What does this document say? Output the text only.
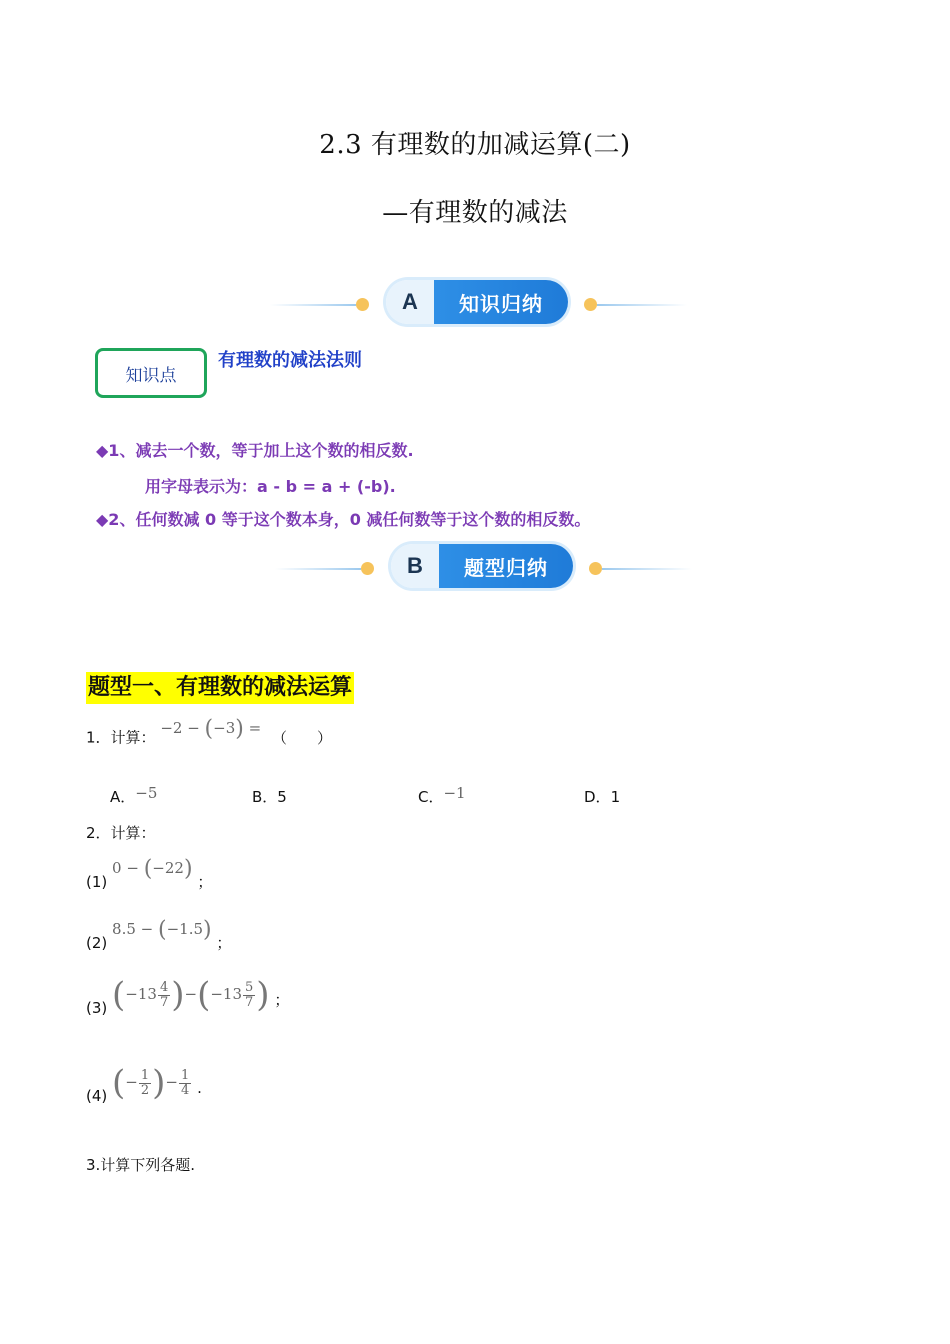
2.3 有理数的加减运算(二)
—有理数的减法
A	知识归纳
知识点
有理数的减法法则
◆1、减去一个数，等于加上这个数的相反数.
用字母表示为：a - b = a + (-b).
◆2、任何数减 0 等于这个数本身，0 减任何数等于这个数的相反数。
B	题型归纳
题型一、有理数的减法运算
1．计算： −2 − (−3) = （　　）
A．−5	B．5	C．−1	D．1
2．计算：
(1) 0 − (−22) ；
(2) 8.5 − (−1.5) ；
(3) $(-13 \frac{4}{7} )-(-13 \frac{5}{7}$ ) ；
(4) (− $\frac{1}{2}$ )− $\frac{1}{4}$ .
3.计算下列各题.
